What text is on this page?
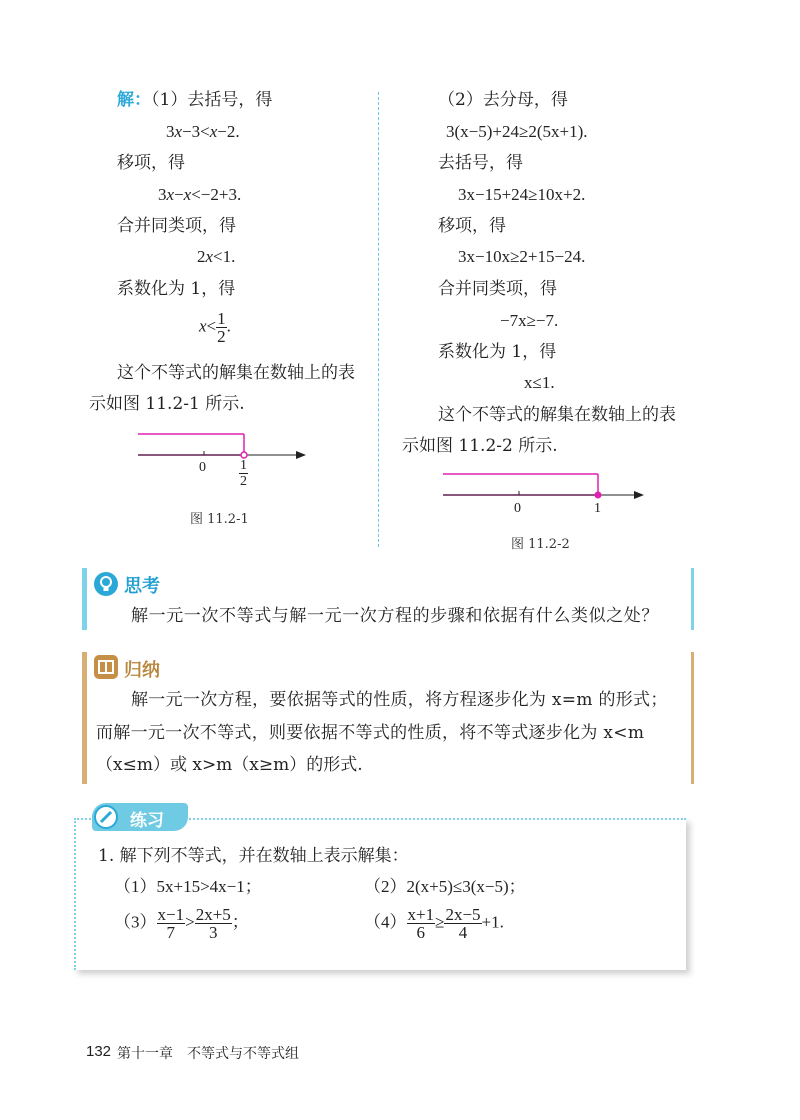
解：（1）去括号，得
3x−3<x−2.
移项，得
3x−x<−2+3.
合并同类项，得
2x<1.
系数化为 1，得
$x< \frac{1}{2}$ .
这个不等式的解集在数轴上的表
示如图 11.2-1 所示.
$0 \frac{1}{2}$
图 11.2-1
（2）去分母，得
3(x−5)+24≥2(5x+1).
去括号，得
3x−15+24≥10x+2.
移项，得
3x−10x≥2+15−24.
合并同类项，得
−7x≥−7.
系数化为 1，得
x≤1.
这个不等式的解集在数轴上的表
示如图 11.2-2 所示.
0	1
图 11.2-2
思考
解一元一次不等式与解一元一次方程的步骤和依据有什么类似之处？
归纳
解一元一次方程，要依据等式的性质，将方程逐步化为 x=m 的形式；
而解一元一次不等式，则要依据不等式的性质，将不等式逐步化为 x<m
（x≤m）或 x>m（x≥m）的形式.
练习
1. 解下列不等式，并在数轴上表示解集：
（1）5x+15>4x−1；	（2）2(x+5)≤3(x−5)；
$(3) \frac{x-1}{7} > \frac{2x+5}{3}$ ；	$(4) \frac{x+1}{6} \ge \frac{2x-5}{4} +1$.
132 第十一章　不等式与不等式组
